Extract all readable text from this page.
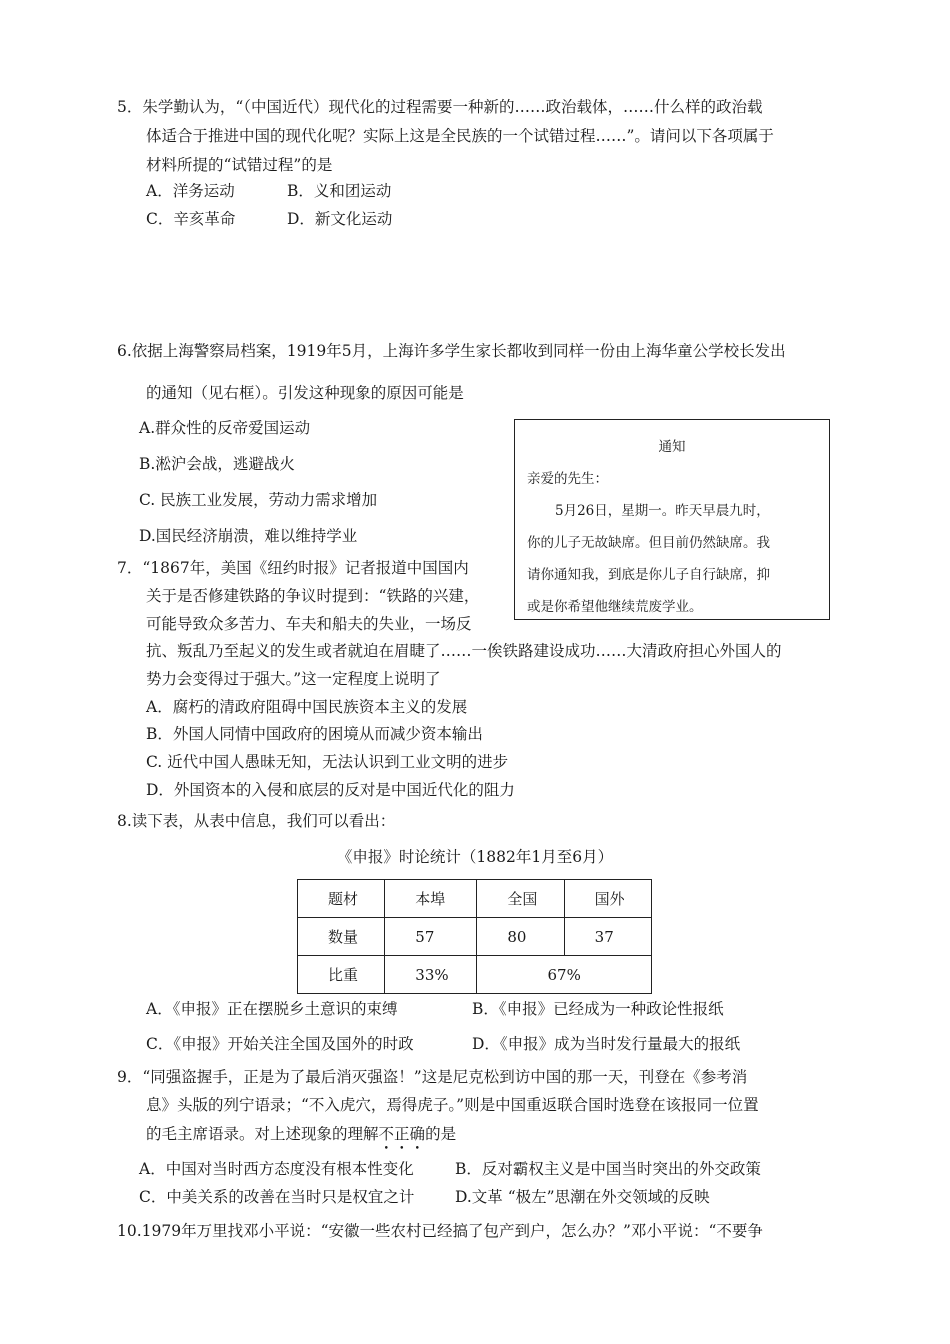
5．朱学勤认为，“（中国近代）现代化的过程需要一种新的……政治载体，……什么样的政治载
体适合于推进中国的现代化呢？实际上这是全民族的一个试错过程……”。请问以下各项属于
材料所提的“试错过程”的是
A．洋务运动	B．义和团运动
C．辛亥革命	D．新文化运动
6.依据上海警察局档案，1919年5月，上海许多学生家长都收到同样一份由上海华童公学校长发出
的通知（见右框）。引发这种现象的原因可能是
A.群众性的反帝爱国运动
B.淞沪会战，逃避战火
C. 民族工业发展，劳动力需求增加
D.国民经济崩溃，难以维持学业
通知
亲爱的先生：
5月26日，星期一。昨天早晨九时，
你的儿子无故缺席。但目前仍然缺席。我
请你通知我，到底是你儿子自行缺席，抑
或是你希望他继续荒废学业。
7．“1867年，美国《纽约时报》记者报道中国国内
关于是否修建铁路的争议时提到：“铁路的兴建，
可能导致众多苦力、车夫和船夫的失业，一场反
抗、叛乱乃至起义的发生或者就迫在眉睫了……一俟铁路建设成功……大清政府担心外国人的
势力会变得过于强大。”这一定程度上说明了
A．腐朽的清政府阻碍中国民族资本主义的发展
B．外国人同情中国政府的困境从而减少资本输出
C. 近代中国人愚昧无知，无法认识到工业文明的进步
D．外国资本的入侵和底层的反对是中国近代化的阻力
8.读下表，从表中信息，我们可以看出：
《申报》时论统计（1882年1月至6月）
题材	本埠	全国	国外
数量	57	80	37
比重	33%	67%	
A．《申报》正在摆脱乡土意识的束缚	B．《申报》已经成为一种政论性报纸
C．《申报》开始关注全国及国外的时政	D．《申报》成为当时发行量最大的报纸
9．“同强盗握手，正是为了最后消灭强盗！”这是尼克松到访中国的那一天，刊登在《参考消
息》头版的列宁语录；“不入虎穴，焉得虎子。”则是中国重返联合国时选登在该报同一位置
的毛主席语录。对上述现象的理解不正确的是
A．中国对当时西方态度没有根本性变化	B．反对霸权主义是中国当时突出的外交政策
C．中美关系的改善在当时只是权宜之计	D.文革 “极左”思潮在外交领域的反映
10.1979年万里找邓小平说：“安徽一些农村已经搞了包产到户，怎么办？”邓小平说：“不要争
